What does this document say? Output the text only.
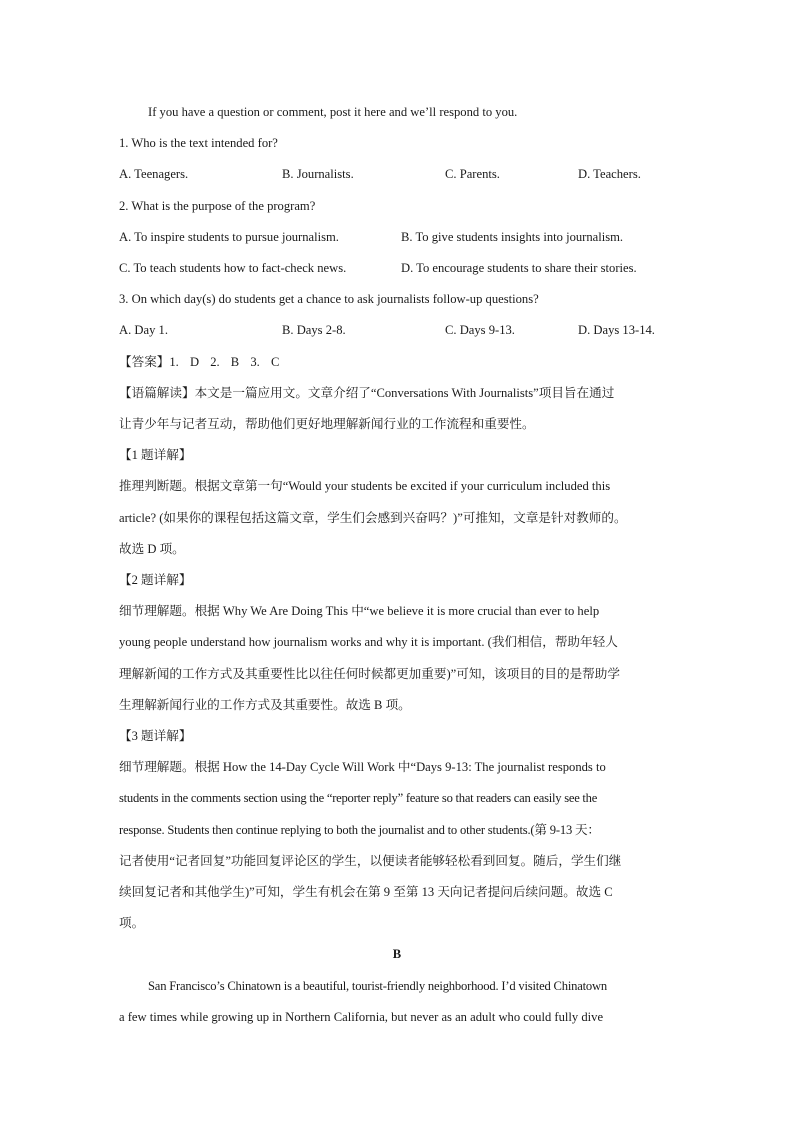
If you have a question or comment, post it here and we’ll respond to you.

1. Who is the text intended for?

A. Teenagers.	B. Journalists.	C. Parents.	D. Teachers.

2. What is the purpose of the program?

A. To inspire students to pursue journalism.	B. To give students insights into journalism.
C. To teach students how to fact-check news.	D. To encourage students to share their stories.

3. On which day(s) do students get a chance to ask journalists follow-up questions?

A. Day 1.	B. Days 2-8.	C. Days 9-13.	D. Days 13-14.

【答案】1. D 2. B 3. C

【语篇解读】本文是一篇应用文。文章介绍了“Conversations With Journalists”项目旨在通过

让青少年与记者互动，帮助他们更好地理解新闻行业的工作流程和重要性。

【1 题详解】

推理判断题。根据文章第一句“Would your students be excited if your curriculum included this

article? (如果你的课程包括这篇文章，学生们会感到兴奋吗？)”可推知，文章是针对教师的。

故选 D 项。

【2 题详解】

细节理解题。根据 Why We Are Doing This 中“we believe it is more crucial than ever to help

young people understand how journalism works and why it is important. (我们相信，帮助年轻人

理解新闻的工作方式及其重要性比以往任何时候都更加重要)”可知，该项目的目的是帮助学

生理解新闻行业的工作方式及其重要性。故选 B 项。

【3 题详解】

细节理解题。根据 How the 14-Day Cycle Will Work 中“Days 9-13: The journalist responds to

students in the comments section using the “reporter reply” feature so that readers can easily see the

response. Students then continue replying to both the journalist and to other students.(第 9-13 天：

记者使用“记者回复”功能回复评论区的学生，以便读者能够轻松看到回复。随后，学生们继

续回复记者和其他学生)”可知，学生有机会在第 9 至第 13 天向记者提问后续问题。故选 C

项。

B

San Francisco’s Chinatown is a beautiful, tourist-friendly neighborhood. I’d visited Chinatown

a few times while growing up in Northern California, but never as an adult who could fully dive
